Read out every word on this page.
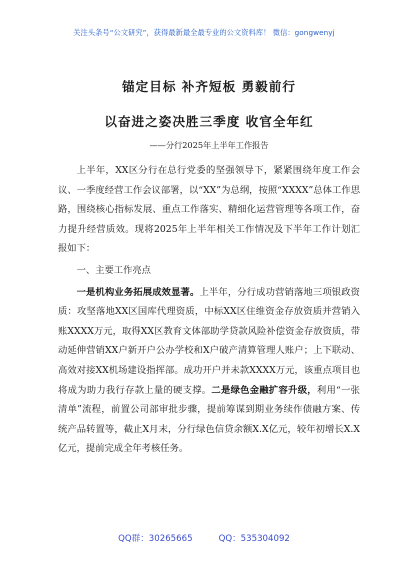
关注头条号“公文研究”，获得最新最全最专业的公文资料库！ 微信：gongwenyj
锚定目标 补齐短板 勇毅前行
以奋进之姿决胜三季度 收官全年红
——分行2025年上半年工作报告
上半年，XX区分行在总行党委的坚强领导下，紧紧围绕年度工作会议、一季度经营工作会议部署，以“XX”为总纲，按照“XXXX”总体工作思路，围绕核心指标发展、重点工作落实、精细化运营管理等各项工作，奋力提升经营质效。现将2025年上半年相关工作情况及下半年工作计划汇报如下：
一、主要工作亮点
一是机构业务拓展成效显著。上半年，分行成功营销落地三项银政资质：攻坚落地XX区国库代理资质，中标XX区住维资金存放资质并营销入账XXXX万元，取得XX区教育文体部助学贷款风险补偿资金存放资质，带动延伸营销XX户新开户公办学校和X户破产清算管理人账户；上下联动、高效对接XX机场建设指挥部。成功开户并未款XXXX万元，该重点项目也将成为助力我行存款上量的硬支撑。二是绿色金融扩容升级，利用“一张清单”流程，前置公司部审批步骤，提前筹谋到期业务续作债融方案、传统产品转置等，截止X月末，分行绿色信贷余额X.X亿元，较年初增长X.X亿元，提前完成全年考核任务。
QQ群：30265665	QQ：535304092
